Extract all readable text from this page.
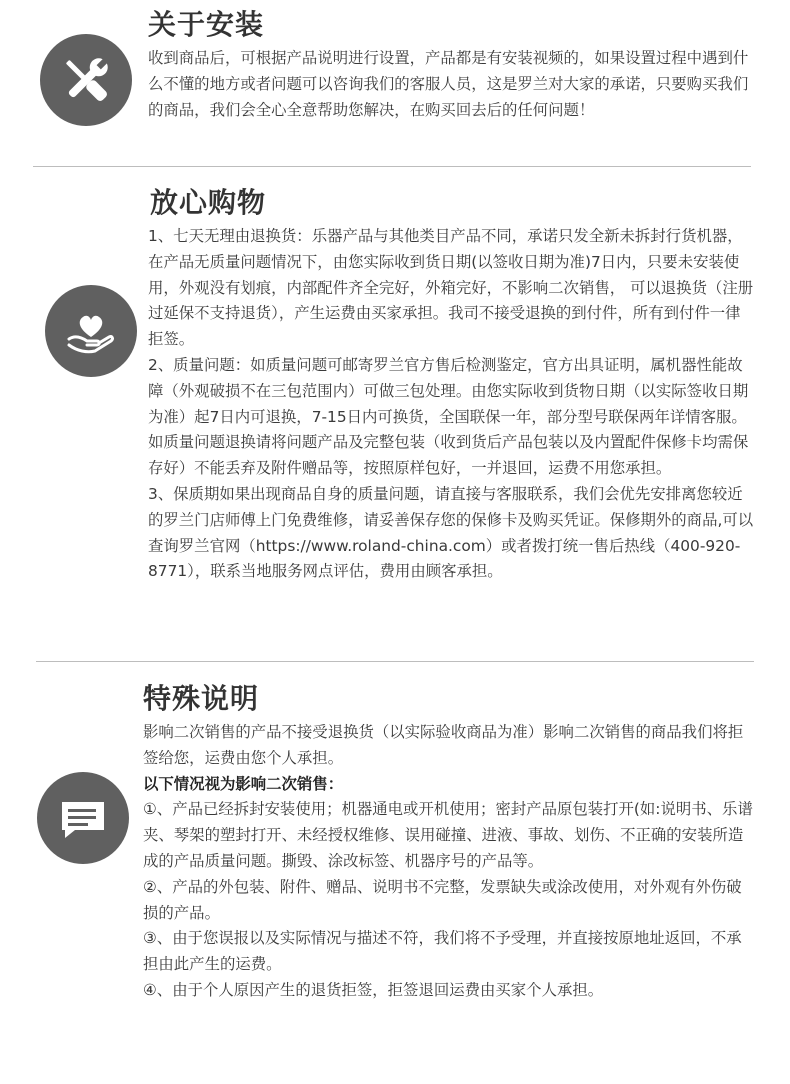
关于安装

收到商品后，可根据产品说明进行设置，产品都是有安装视频的，如果设置过程中遇到什么不懂的地方或者问题可以咨询我们的客服人员，这是罗兰对大家的承诺，只要购买我们的商品，我们会全心全意帮助您解决，在购买回去后的任何问题！

放心购物

1、七天无理由退换货：乐器产品与其他类目产品不同，承诺只发全新未拆封行货机器，在产品无质量问题情况下，由您实际收到货日期(以签收日期为准)7日内，只要未安装使用，外观没有划痕，内部配件齐全完好，外箱完好，不影响二次销售， 可以退换货（注册过延保不支持退货），产生运费由买家承担。我司不接受退换的到付件，所有到付件一律拒签。

2、质量问题：如质量问题可邮寄罗兰官方售后检测鉴定，官方出具证明，属机器性能故障（外观破损不在三包范围内）可做三包处理。由您实际收到货物日期（以实际签收日期为准）起7日内可退换，7-15日内可换货，全国联保一年，部分型号联保两年详情客服。如质量问题退换请将问题产品及完整包装（收到货后产品包装以及内置配件保修卡均需保存好）不能丢弃及附件赠品等，按照原样包好，一并退回，运费不用您承担。

3、保质期如果出现商品自身的质量问题，请直接与客服联系，我们会优先安排离您较近的罗兰门店师傅上门免费维修，请妥善保存您的保修卡及购买凭证。保修期外的商品,可以查询罗兰官网（https://www.roland-china.com）或者拨打统一售后热线（400-920-8771），联系当地服务网点评估，费用由顾客承担。

特殊说明

影响二次销售的产品不接受退换货（以实际验收商品为准）影响二次销售的商品我们将拒签给您，运费由您个人承担。

以下情况视为影响二次销售：

①、产品已经拆封安装使用；机器通电或开机使用；密封产品原包装打开(如:说明书、乐谱夹、琴架的塑封打开、未经授权维修、误用碰撞、进液、事故、划伤、不正确的安装所造成的产品质量问题。撕毁、涂改标签、机器序号的产品等。

②、产品的外包装、附件、赠品、说明书不完整，发票缺失或涂改使用，对外观有外伤破损的产品。

③、由于您误报以及实际情况与描述不符，我们将不予受理，并直接按原地址返回，不承担由此产生的运费。

④、由于个人原因产生的退货拒签，拒签退回运费由买家个人承担。
